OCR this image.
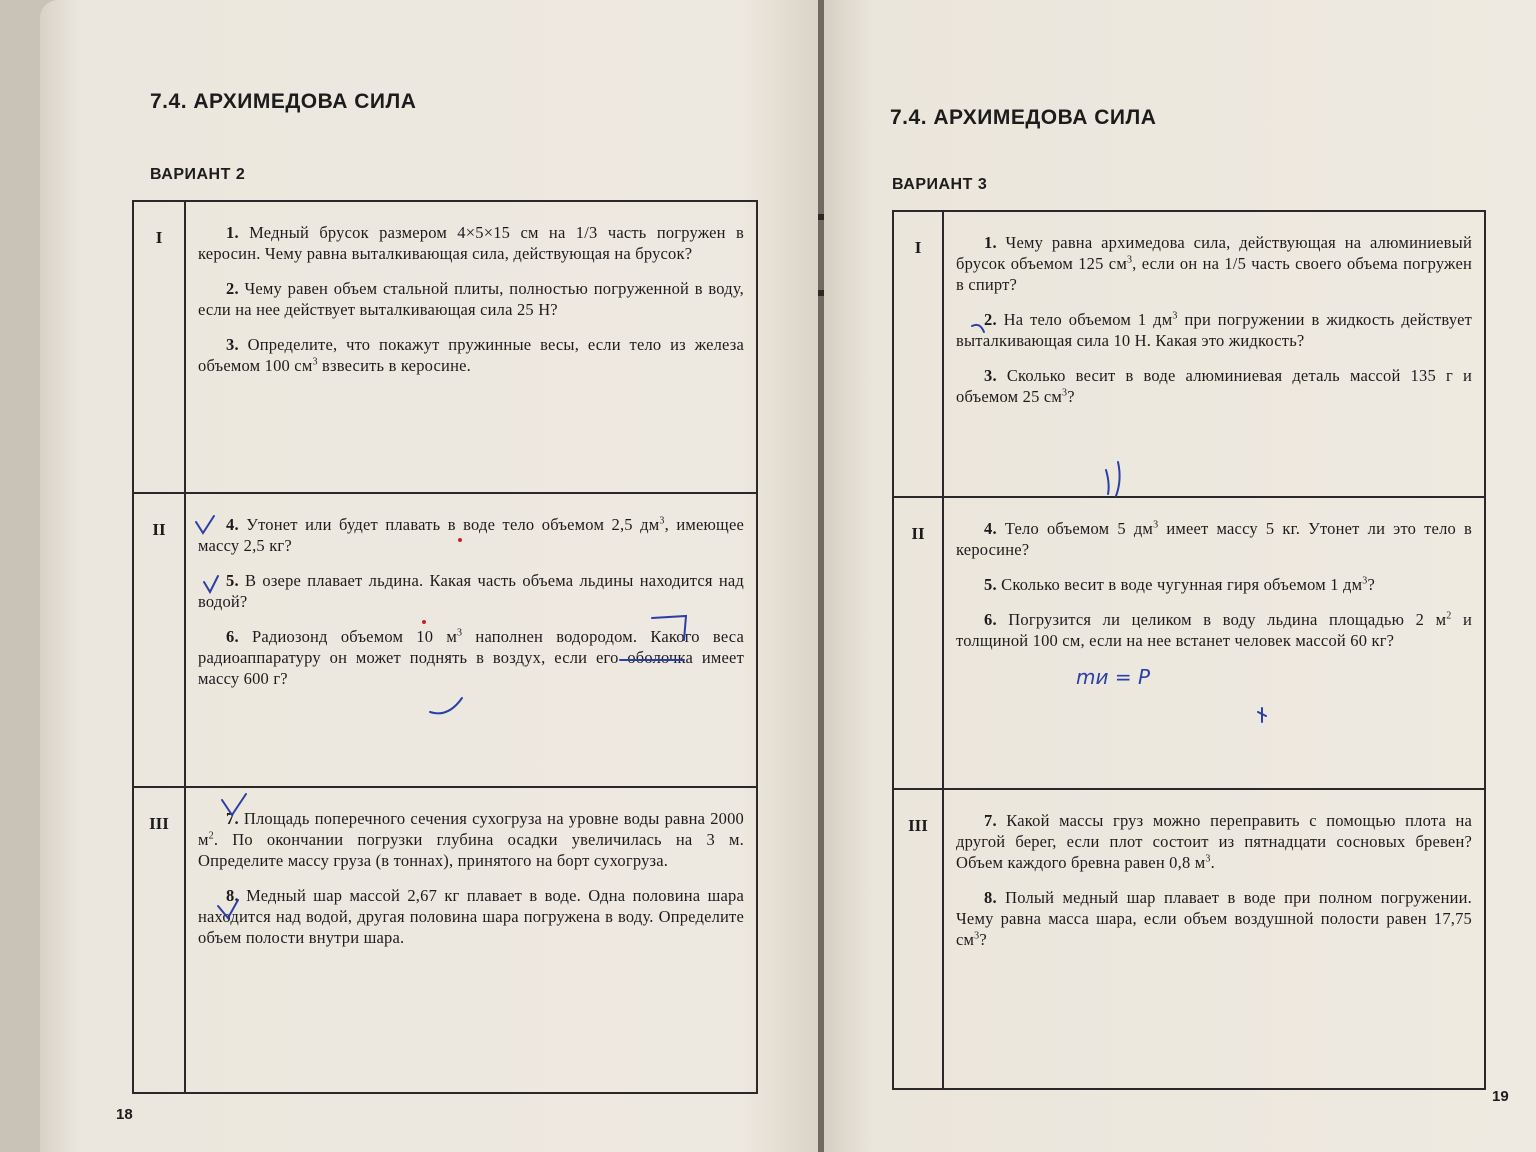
7.4. АРХИМЕДОВА СИЛА
ВАРИАНТ 2
I	1. Медный брусок размером 4×5×15 см на 1/3 часть погружен в керосин. Чему равна выталкивающая сила, действующая на брусок?

2. Чему равен объем стальной плиты, полностью погруженной в воду, если на нее действует выталкивающая сила 25 Н?

3. Определите, что покажут пружинные весы, если тело из железа объемом 100 $см^3$ взвесить в керосине.

II	4. Утонет или будет плавать в воде тело объемом 2,5 $дм^3$, имеющее массу 2,5 кг?

5. В озере плавает льдина. Какая часть объема льдины находится над водой?

6. Радиозонд объемом 10 $м^3$ наполнен водородом. Какого веса радиоаппаратуру он может поднять в воздух, если его оболочка имеет массу 600 г?

III	7. Площадь поперечного сечения сухогруза на уровне воды равна 2000 $м^2$. По окончании погрузки глубина осадки увеличилась на 3 м. Определите массу груза (в тоннах), принятого на борт сухогруза.

8. Медный шар массой 2,67 кг плавает в воде. Одна половина шара находится над водой, другая половина шара погружена в воду. Определите объем полости внутри шара.

18
7.4. АРХИМЕДОВА СИЛА
ВАРИАНТ 3
I	1. Чему равна архимедова сила, действующая на алюминиевый брусок объемом 125 $см^3$, если он на 1/5 часть своего объема погружен в спирт?

2. На тело объемом 1 $дм^3$ при погружении в жидкость действует выталкивающая сила 10 Н. Какая это жидкость?

3. Сколько весит в воде алюминиевая деталь массой 135 г и объемом 25 $см^3$?

II	4. Тело объемом 5 $дм^3$ имеет массу 5 кг. Утонет ли это тело в керосине?

5. Сколько весит в воде чугунная гиря объемом 1 $дм^3$?

6. Погрузится ли целиком в воду льдина площадью 2 $м^2$ и толщиной 100 см, если на нее встанет человек массой 60 кг?

mи = P

III	7. Какой массы груз можно переправить с помощью плота на другой берег, если плот состоит из пятнадцати сосновых бревен? Объем каждого бревна равен 0,8 $м^3$.

8. Полый медный шар плавает в воде при полном погружении. Чему равна масса шара, если объем воздушной полости равен 17,75 $см^3$?

19
